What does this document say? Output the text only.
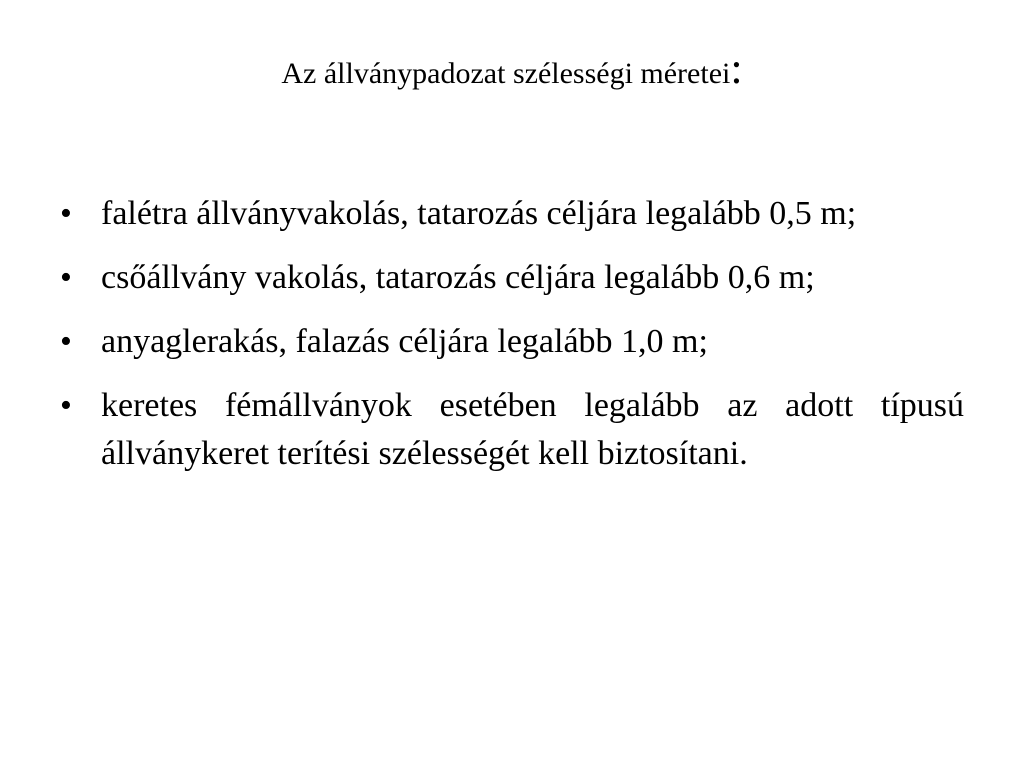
Az állványpadozat szélességi méretei:
• falétra állványvakolás, tatarozás céljára legalább 0,5 m;
• csőállvány vakolás, tatarozás céljára legalább 0,6 m;
• anyaglerakás, falazás céljára legalább 1,0 m;
• keretes fémállványok esetében legalább az adott típusú állványkeret terítési szélességét kell biztosítani.
